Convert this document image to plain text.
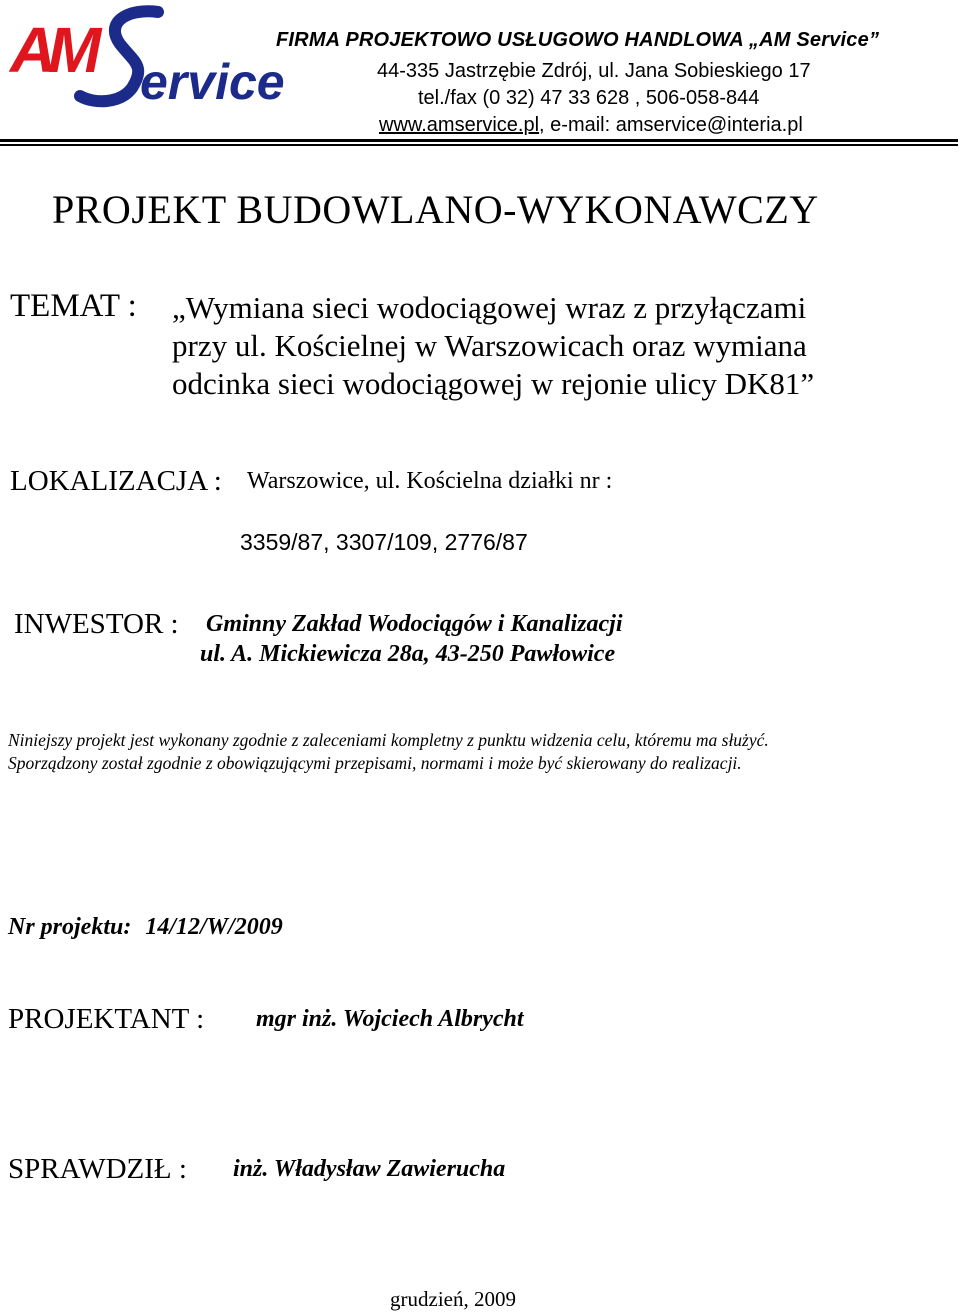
A
M ervice
FIRMA PROJEKTOWO USŁUGOWO HANDLOWA „AM Service”
44-335 Jastrzębie Zdrój, ul. Jana Sobieskiego 17
tel./fax (0 32) 47 33 628 , 506-058-844
www.amservice.pl, e-mail: amservice@interia.pl
PROJEKT BUDOWLANO-WYKONAWCZY
TEMAT : „Wymiana sieci wodociągowej wraz z przyłączami
przy ul. Kościelnej w Warszowicach oraz wymiana
odcinka sieci wodociągowej w rejonie ulicy DK81”
LOKALIZACJA : Warszowice, ul. Kościelna działki nr :
3359/87, 3307/109, 2776/87
INWESTOR : Gminny Zakład Wodociągów i Kanalizacji
ul. A. Mickiewicza 28a, 43-250 Pawłowice
Niniejszy projekt jest wykonany zgodnie z zaleceniami kompletny z punktu widzenia celu, któremu ma służyć.
Sporządzony został zgodnie z obowiązującymi przepisami, normami i może być skierowany do realizacji.
Nr projektu: 14/12/W/2009
PROJEKTANT : mgr inż. Wojciech Albrycht
SPRAWDZIŁ : inż. Władysław Zawierucha
grudzień, 2009
